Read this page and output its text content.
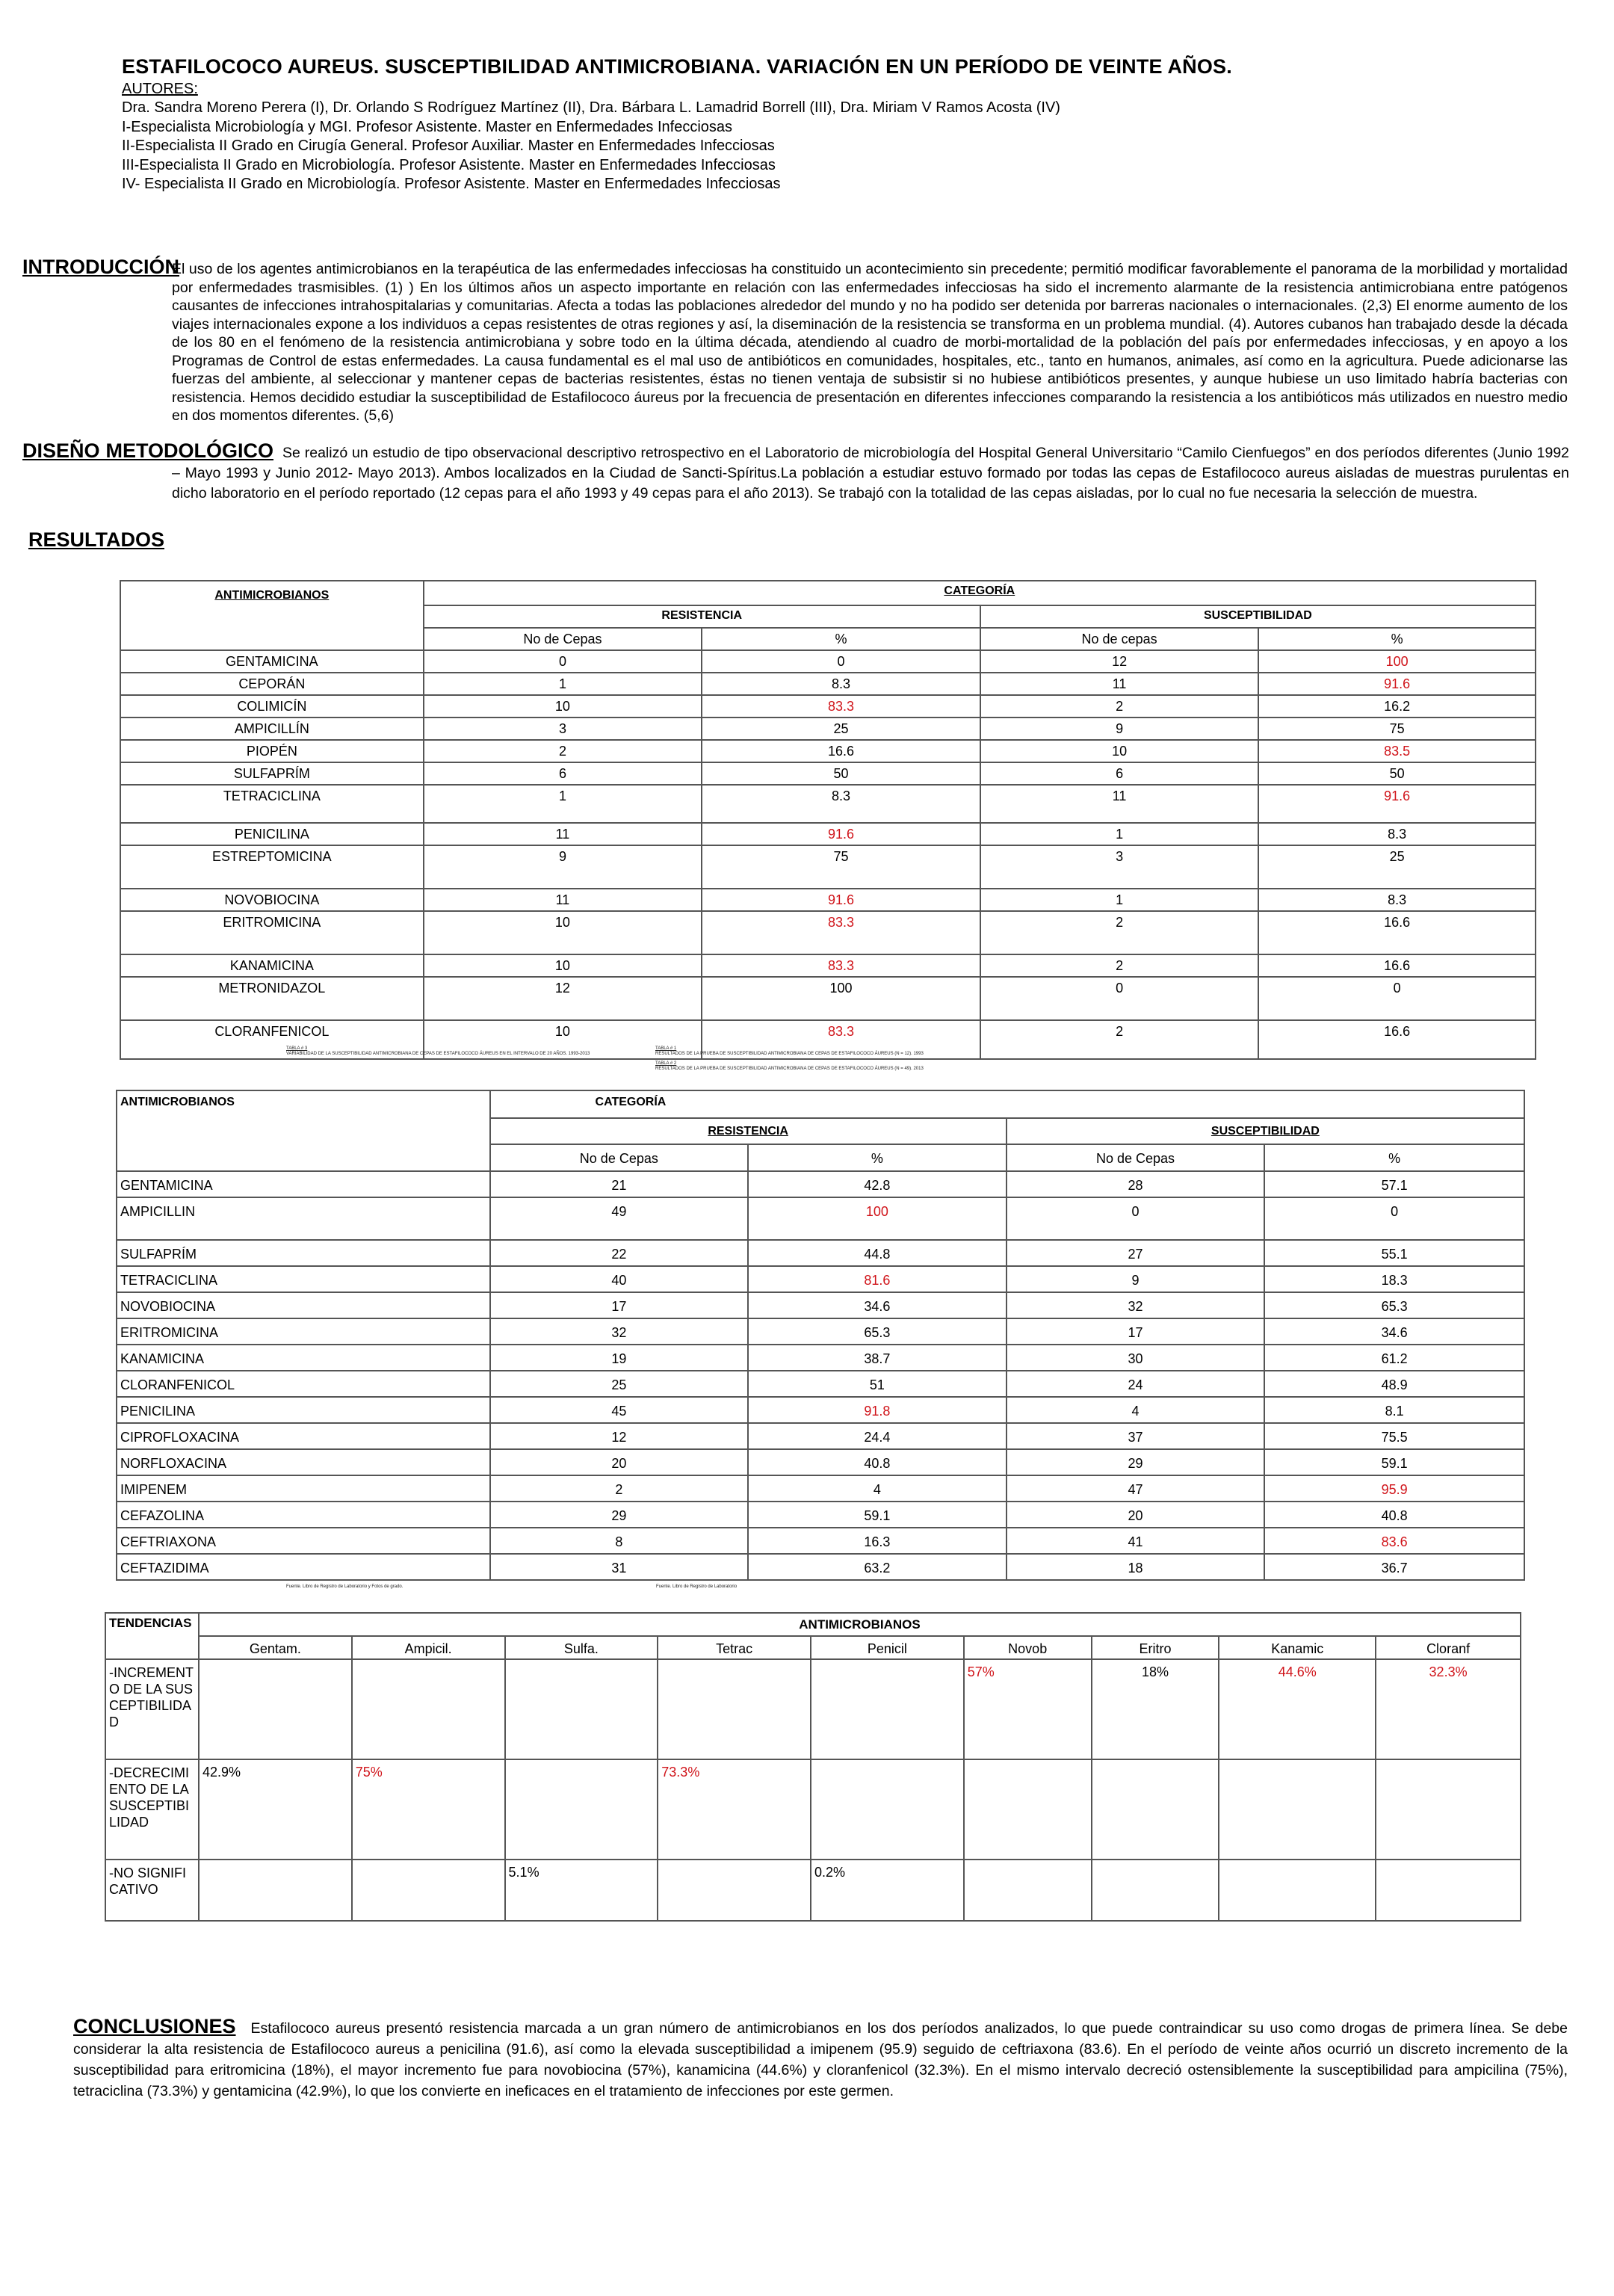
ESTAFILOCOCO AUREUS. SUSCEPTIBILIDAD ANTIMICROBIANA. VARIACIÓN EN UN PERÍODO DE VEINTE AÑOS.
AUTORES:
Dra. Sandra Moreno Perera (I), Dr. Orlando S Rodríguez Martínez (II), Dra. Bárbara L. Lamadrid Borrell (III), Dra. Miriam V Ramos Acosta (IV)
I-Especialista Microbiología y MGI. Profesor Asistente. Master en Enfermedades Infecciosas
II-Especialista II Grado en Cirugía General. Profesor Auxiliar. Master en Enfermedades Infecciosas
III-Especialista II Grado en Microbiología. Profesor Asistente. Master en Enfermedades Infecciosas
IV- Especialista II Grado en Microbiología. Profesor Asistente. Master en Enfermedades Infecciosas
INTRODUCCIÓNEl uso de los agentes antimicrobianos en la terapéutica de las enfermedades infecciosas ha constituido un acontecimiento sin precedente; permitió modificar favorablemente el panorama de la morbilidad y mortalidad por enfermedades trasmisibles. (1) ) En los últimos años un aspecto importante en relación con las enfermedades infecciosas ha sido el incremento alarmante de la resistencia antimicrobiana entre patógenos causantes de infecciones intrahospitalarias y comunitarias. Afecta a todas las poblaciones alrededor del mundo y no ha podido ser detenida por barreras nacionales o internacionales. (2,3) El enorme aumento de los viajes internacionales expone a los individuos a cepas resistentes de otras regiones y así, la diseminación de la resistencia se transforma en un problema mundial. (4). Autores cubanos han trabajado desde la década de los 80 en el fenómeno de la resistencia antimicrobiana y sobre todo en la última década, atendiendo al cuadro de morbi-mortalidad de la población del país por enfermedades infecciosas, y en apoyo a los Programas de Control de estas enfermedades. La causa fundamental es el mal uso de antibióticos en comunidades, hospitales, etc., tanto en humanos, animales, así como en la agricultura. Puede adicionarse las fuerzas del ambiente, al seleccionar y mantener cepas de bacterias resistentes, éstas no tienen ventaja de subsistir si no hubiese antibióticos presentes, y aunque hubiese un uso limitado habría bacterias con resistencia. Hemos decidido estudiar la susceptibilidad de Estafilococo áureus por la frecuencia de presentación en diferentes infecciones comparando la resistencia a los antibióticos más utilizados en nuestro medio en dos momentos diferentes. (5,6)
DISEÑO METODOLÓGICO Se realizó un estudio de tipo observacional descriptivo retrospectivo en el Laboratorio de microbiología del Hospital General Universitario “Camilo Cienfuegos” en dos períodos diferentes (Junio 1992 – Mayo 1993 y Junio 2012- Mayo 2013). Ambos localizados en la Ciudad de Sancti-Spíritus.La población a estudiar estuvo formado por todas las cepas de Estafilococo aureus aisladas de muestras purulentas en dicho laboratorio en el período reportado (12 cepas para el año 1993 y 49 cepas para el año 2013). Se trabajó con la totalidad de las cepas aisladas, por lo cual no fue necesaria la selección de muestra.
RESULTADOS
ANTIMICROBIANOS	CATEGORÍA			
	RESISTENCIA		SUSCEPTIBILIDAD	
	No de Cepas	%	No de cepas	%
GENTAMICINA	0	0	12	100
CEPORÁN	1	8.3	11	91.6
COLIMICÍN	10	83.3	2	16.2
AMPICILLÍN	3	25	9	75
PIOPÉN	2	16.6	10	83.5
SULFAPRÍM	6	50	6	50
TETRACICLINA	1	8.3	11	91.6
PENICILINA	11	91.6	1	8.3
ESTREPTOMICINA	9	75	3	25
NOVOBIOCINA	11	91.6	1	8.3
ERITROMICINA	10	83.3	2	16.6
KANAMICINA	10	83.3	2	16.6
METRONIDAZOL	12	100	0	0
CLORANFENICOL	10	83.3	2	16.6
TABLA # 3
VARIABILIDAD DE LA SUSCEPTIBILIDAD ANTIMICROBIANA DE CEPAS DE ESTAFILOCOCO ÁUREUS EN EL INTERVALO DE 20 AÑOS. 1993-2013
TABLA # 1
RESULTADOS DE LA PRUEBA DE SUSCEPTIBILIDAD ANTIMICROBIANA DE CEPAS DE ESTAFILOCOCO ÁUREUS (N = 12). 1993
TABLA # 2
RESULTADOS DE LA PRUEBA DE SUSCEPTIBILIDAD ANTIMICROBIANA DE CEPAS DE ESTAFILOCOCO ÁUREUS (N = 49). 2013
ANTIMICROBIANOS	CATEGORÍA			
	RESISTENCIA		SUSCEPTIBILIDAD	
	No de Cepas	%	No de Cepas	%
GENTAMICINA	21	42.8	28	57.1
AMPICILLIN	49	100	0	0
SULFAPRÍM	22	44.8	27	55.1
TETRACICLINA	40	81.6	9	18.3
NOVOBIOCINA	17	34.6	32	65.3
ERITROMICINA	32	65.3	17	34.6
KANAMICINA	19	38.7	30	61.2
CLORANFENICOL	25	51	24	48.9
PENICILINA	45	91.8	4	8.1
CIPROFLOXACINA	12	24.4	37	75.5
NORFLOXACINA	20	40.8	29	59.1
IMIPENEM	2	4	47	95.9
CEFAZOLINA	29	59.1	20	40.8
CEFTRIAXONA	8	16.3	41	83.6
CEFTAZIDIMA	31	63.2	18	36.7
Fuente. Libro de Registro de Laboratorio y Fotos de grado.	Fuente. Libro de Registro de Laboratorio
TENDENCIAS	ANTIMICROBIANOS								
	Gentam.	Ampicil.	Sulfa.	Tetrac	Penicil	Novob	Eritro	Kanamic	Cloranf

-INCREMENTO DE LA SUSCEPTIBILIDAD						57%	18%	44.6%	32.3%

-DECRECIMIENTO DE LA SUSCEPTIBILIDAD	42.9%	75%		73.3%					

-NO SIGNIFICATIVO			5.1%		0.2%				
CONCLUSIONES Estafilococo aureus presentó resistencia marcada a un gran número de antimicrobianos en los dos períodos analizados, lo que puede contraindicar su uso como drogas de primera línea. Se debe considerar la alta resistencia de Estafilococo aureus a penicilina (91.6), así como la elevada susceptibilidad a imipenem (95.9) seguido de ceftriaxona (83.6). En el período de veinte años ocurrió un discreto incremento de la susceptibilidad para eritromicina (18%), el mayor incremento fue para novobiocina (57%), kanamicina (44.6%) y cloranfenicol (32.3%). En el mismo intervalo decreció ostensiblemente la susceptibilidad para ampicilina (75%), tetraciclina (73.3%) y gentamicina (42.9%), lo que los convierte en ineficaces en el tratamiento de infecciones por este germen.
